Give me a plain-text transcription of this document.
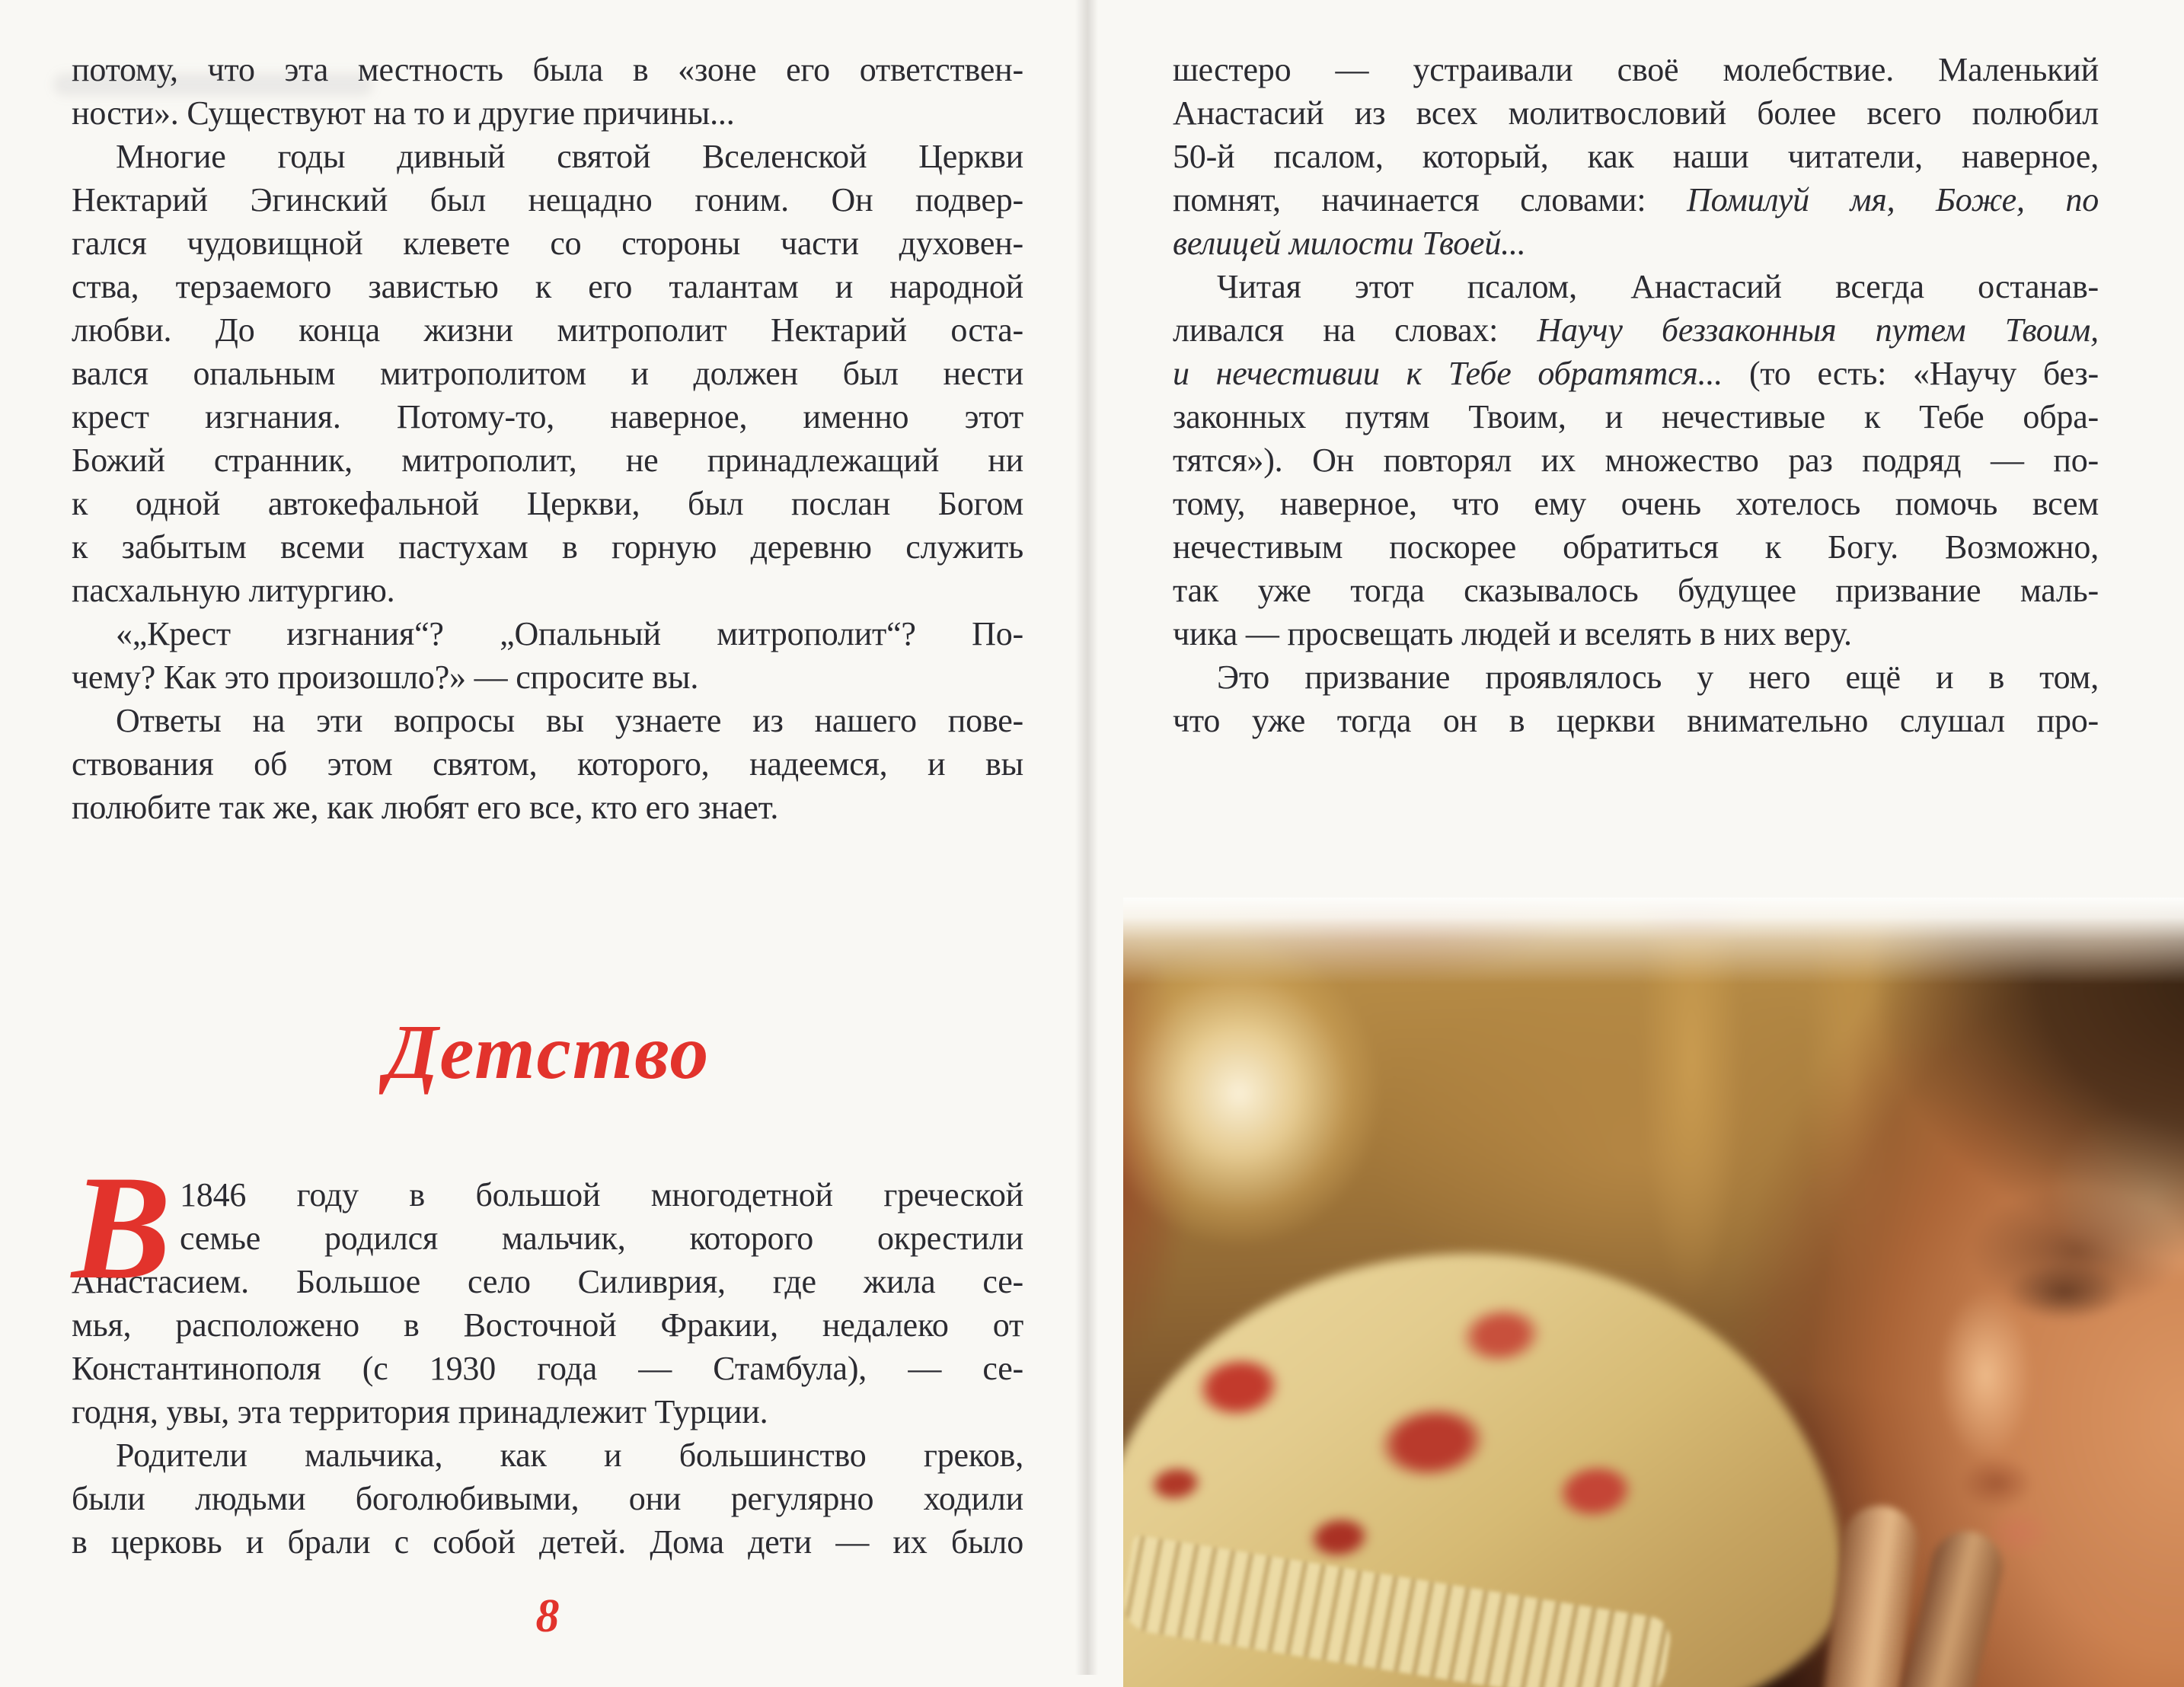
потому, что эта местность была в «зоне его ответствен-
ности». Существуют на то и другие причины...
Многие годы дивный святой Вселенской Церкви
Нектарий Эгинский был нещадно гоним. Он подвер-
гался чудовищной клевете со стороны части духовен-
ства, терзаемого завистью к его талантам и народной
любви. До конца жизни митрополит Нектарий оста-
вался опальным митрополитом и должен был нести
крест изгнания. Потому-то, наверное, именно этот
Божий странник, митрополит, не принадлежащий ни
к одной автокефальной Церкви, был послан Богом
к забытым всеми пастухам в горную деревню служить
пасхальную литургию.
«„Крест изгнания“? „Опальный митрополит“? По-
чему? Как это произошло?» — спросите вы.
Ответы на эти вопросы вы узнаете из нашего пове-
ствования об этом святом, которого, надеемся, и вы
полюбите так же, как любят его все, кто его знает.
Детство
В 1846 году в большой многодетной греческой
семье родился мальчик, которого окрестили
Анастасием. Большое село Силиврия, где жила се-
мья, расположено в Восточной Фракии, недалеко от
Константинополя (с 1930 года — Стамбула), — се-
годня, увы, эта территория принадлежит Турции.
Родители мальчика, как и большинство греков,
были людьми боголюбивыми, они регулярно ходили
в церковь и брали с собой детей. Дома дети — их было
8
шестеро — устраивали своё молебствие. Маленький
Анастасий из всех молитвословий более всего полюбил
50-й псалом, который, как наши читатели, наверное,
помнят, начинается словами: Помилуй мя, Боже, по
велицей милости Твоей...
Читая этот псалом, Анастасий всегда останав-
ливался на словах: Научу беззаконныя путем Твоим,
и нечестивии к Тебе обратятся... (то есть: «Научу без-
законных путям Твоим, и нечестивые к Тебе обра-
тятся»). Он повторял их множество раз подряд — по-
тому, наверное, что ему очень хотелось помочь всем
нечестивым поскорее обратиться к Богу. Возможно,
так уже тогда сказывалось будущее призвание маль-
чика — просвещать людей и вселять в них веру.
Это призвание проявлялось у него ещё и в том,
что уже тогда он в церкви внимательно слушал про-
